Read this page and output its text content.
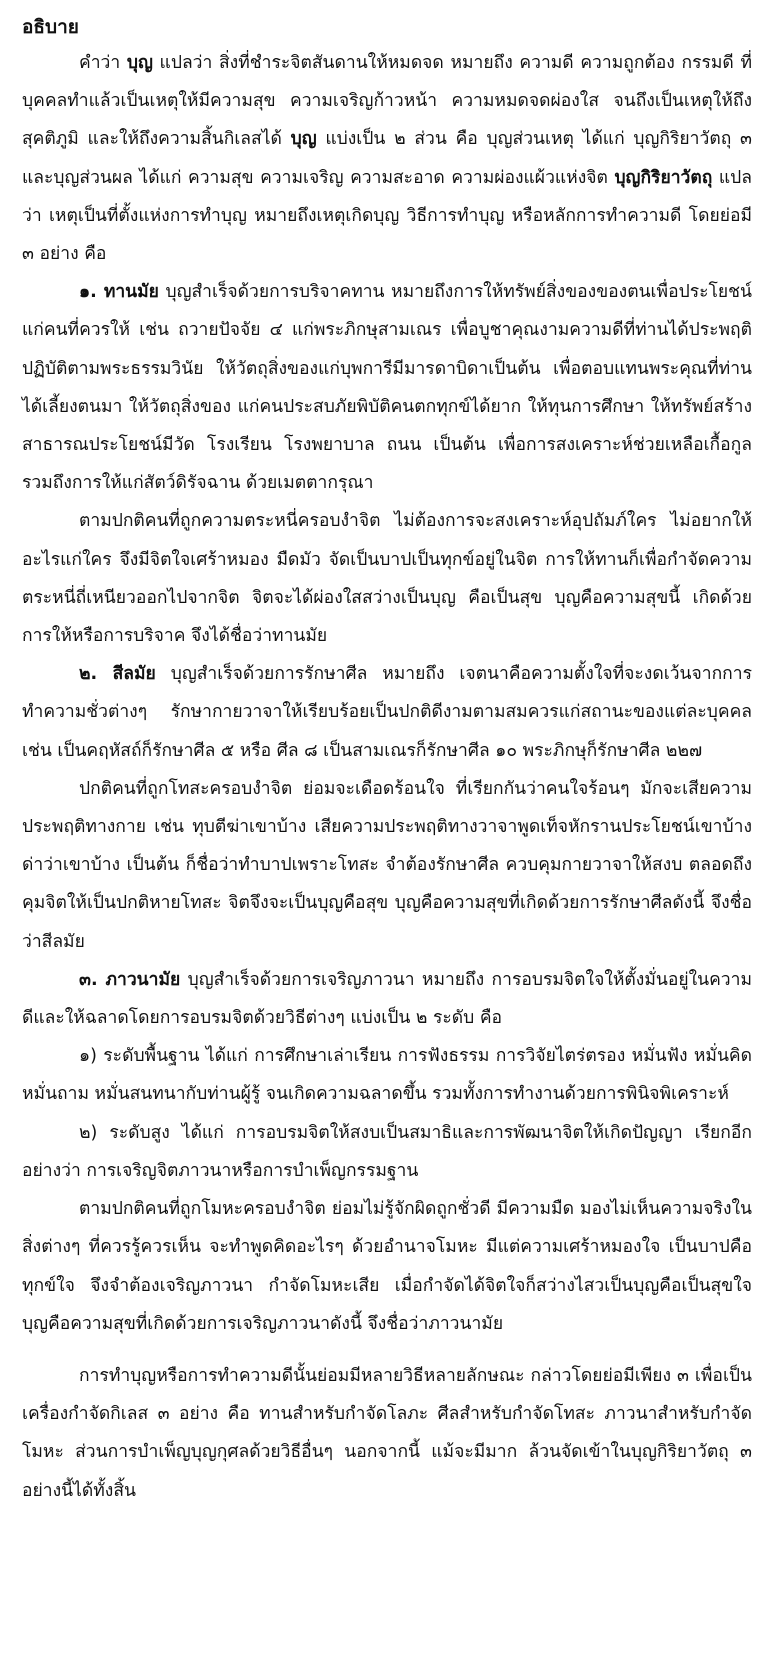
อธิบาย

คำว่า บุญ แปลว่า สิ่งที่ชำระจิตสันดานให้หมดจด หมายถึง ความดี ความถูกต้อง กรรมดี ที่บุคคลทำแล้วเป็นเหตุให้มีความสุข ความเจริญก้าวหน้า ความหมดจดผ่องใส จนถึงเป็นเหตุให้ถึงสุคติภูมิ และให้ถึงความสิ้นกิเลสได้ บุญ แบ่งเป็น ๒ ส่วน คือ บุญส่วนเหตุ ได้แก่ บุญกิริยาวัตถุ ๓ และบุญส่วนผล ได้แก่ ความสุข ความเจริญ ความสะอาด ความผ่องแผ้วแห่งจิต บุญกิริยาวัตถุ แปลว่า เหตุเป็นที่ตั้งแห่งการทำบุญ หมายถึงเหตุเกิดบุญ วิธีการทำบุญ หรือหลักการทำความดี โดยย่อมี ๓ อย่าง คือ

๑. ทานมัย บุญสำเร็จด้วยการบริจาคทาน หมายถึงการให้ทรัพย์สิ่งของของตนเพื่อประโยชน์แก่คนที่ควรให้ เช่น ถวายปัจจัย ๔ แก่พระภิกษุสามเณร เพื่อบูชาคุณงามความดีที่ท่านได้ประพฤติปฏิบัติตามพระธรรมวินัย ให้วัตถุสิ่งของแก่บุพการีมีมารดาบิดาเป็นต้น เพื่อตอบแทนพระคุณที่ท่านได้เลี้ยงตนมา ให้วัตถุสิ่งของ แก่คนประสบภัยพิบัติคนตกทุกข์ได้ยาก ให้ทุนการศึกษา ให้ทรัพย์สร้างสาธารณประโยชน์มีวัด โรงเรียน โรงพยาบาล ถนน เป็นต้น เพื่อการสงเคราะห์ช่วยเหลือเกื้อกูล รวมถึงการให้แก่สัตว์ดิรัจฉาน ด้วยเมตตากรุณา

ตามปกติคนที่ถูกความตระหนี่ครอบงำจิต ไม่ต้องการจะสงเคราะห์อุปถัมภ์ใคร ไม่อยากให้อะไรแก่ใคร จึงมีจิตใจเศร้าหมอง มืดมัว จัดเป็นบาปเป็นทุกข์อยู่ในจิต การให้ทานก็เพื่อกำจัดความตระหนี่ถี่เหนียวออกไปจากจิต จิตจะได้ผ่องใสสว่างเป็นบุญ คือเป็นสุข บุญคือความสุขนี้ เกิดด้วยการให้หรือการบริจาค จึงได้ชื่อว่าทานมัย

๒. สีลมัย บุญสำเร็จด้วยการรักษาศีล หมายถึง เจตนาคือความตั้งใจที่จะงดเว้นจากการทำความชั่วต่างๆ รักษากายวาจาให้เรียบร้อยเป็นปกติดีงามตามสมควรแก่สถานะของแต่ละบุคคล เช่น เป็นคฤหัสถ์ก็รักษาศีล ๕ หรือ ศีล ๘ เป็นสามเณรก็รักษาศีล ๑๐ พระภิกษุก็รักษาศีล ๒๒๗

ปกติคนที่ถูกโทสะครอบงำจิต ย่อมจะเดือดร้อนใจ ที่เรียกกันว่าคนใจร้อนๆ มักจะเสียความประพฤติทางกาย เช่น ทุบตีฆ่าเขาบ้าง เสียความประพฤติทางวาจาพูดเท็จหักรานประโยชน์เขาบ้าง ด่าว่าเขาบ้าง เป็นต้น ก็ชื่อว่าทำบาปเพราะโทสะ จำต้องรักษาศีล ควบคุมกายวาจาให้สงบ ตลอดถึงคุมจิตให้เป็นปกติหายโทสะ จิตจึงจะเป็นบุญคือสุข บุญคือความสุขที่เกิดด้วยการรักษาศีลดังนี้ จึงชื่อว่าสีลมัย

๓. ภาวนามัย บุญสำเร็จด้วยการเจริญภาวนา หมายถึง การอบรมจิตใจให้ตั้งมั่นอยู่ในความดีและให้ฉลาดโดยการอบรมจิตด้วยวิธีต่างๆ แบ่งเป็น ๒ ระดับ คือ

๑) ระดับพื้นฐาน ได้แก่ การศึกษาเล่าเรียน การฟังธรรม การวิจัยไตร่ตรอง หมั่นฟัง หมั่นคิด หมั่นถาม หมั่นสนทนากับท่านผู้รู้ จนเกิดความฉลาดขึ้น รวมทั้งการทำงานด้วยการพินิจพิเคราะห์

๒) ระดับสูง ได้แก่ การอบรมจิตให้สงบเป็นสมาธิและการพัฒนาจิตให้เกิดปัญญา เรียกอีกอย่างว่า การเจริญจิตภาวนาหรือการบำเพ็ญกรรมฐาน

ตามปกติคนที่ถูกโมหะครอบงำจิต ย่อมไม่รู้จักผิดถูกชั่วดี มีความมืด มองไม่เห็นความจริงในสิ่งต่างๆ ที่ควรรู้ควรเห็น จะทำพูดคิดอะไรๆ ด้วยอำนาจโมหะ มีแต่ความเศร้าหมองใจ เป็นบาปคือทุกข์ใจ จึงจำต้องเจริญภาวนา กำจัดโมหะเสีย เมื่อกำจัดได้จิตใจก็สว่างไสวเป็นบุญคือเป็นสุขใจ บุญคือความสุขที่เกิดด้วยการเจริญภาวนาดังนี้ จึงชื่อว่าภาวนามัย

การทำบุญหรือการทำความดีนั้นย่อมมีหลายวิธีหลายลักษณะ กล่าวโดยย่อมีเพียง ๓ เพื่อเป็นเครื่องกำจัดกิเลส ๓ อย่าง คือ ทานสำหรับกำจัดโลภะ ศีลสำหรับกำจัดโทสะ ภาวนาสำหรับกำจัดโมหะ ส่วนการบำเพ็ญบุญกุศลด้วยวิธีอื่นๆ นอกจากนี้ แม้จะมีมาก ล้วนจัดเข้าในบุญกิริยาวัตถุ ๓ อย่างนี้ได้ทั้งสิ้น
